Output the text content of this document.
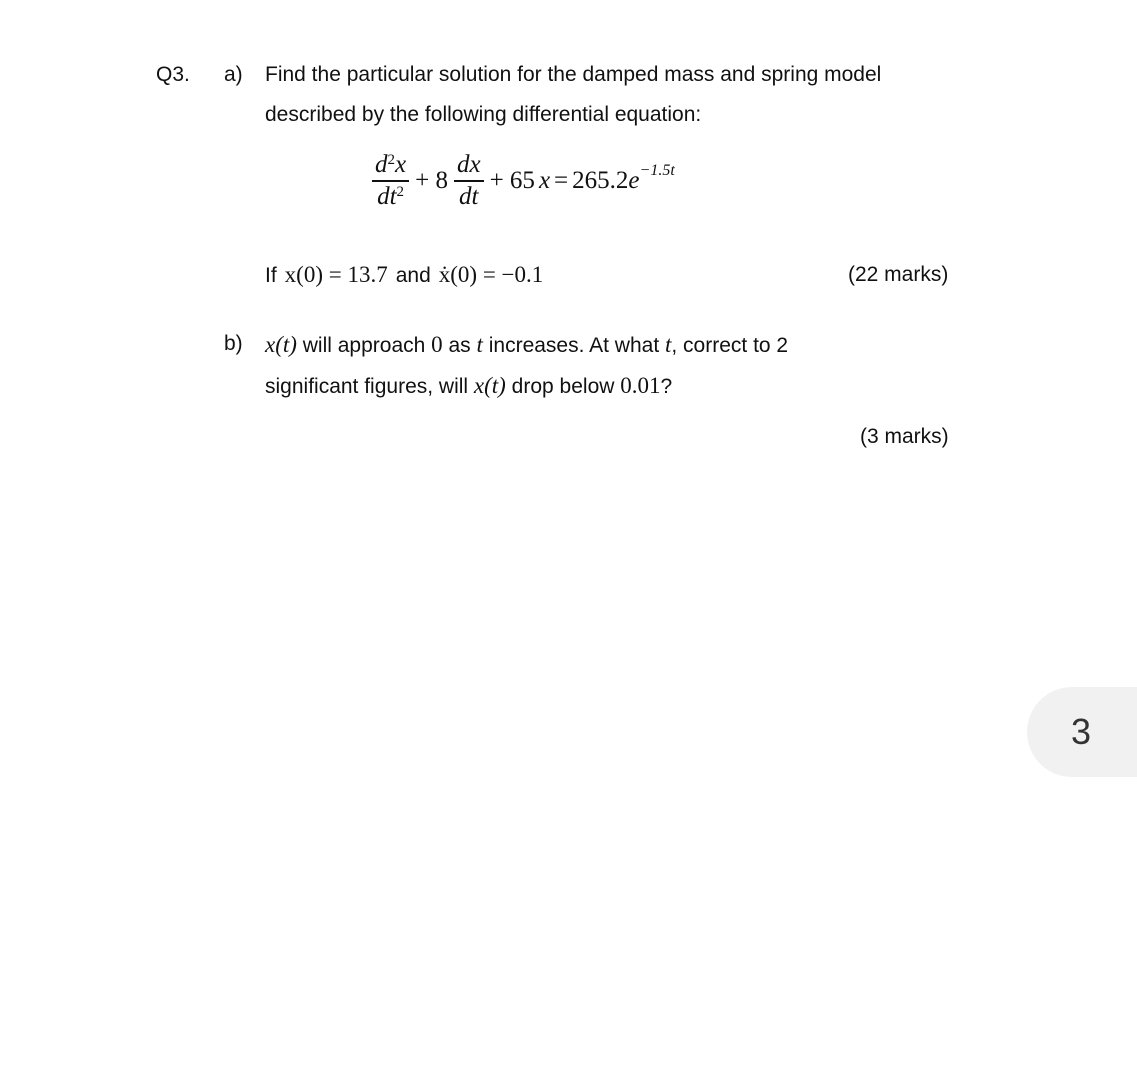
Q3. a) Find the particular solution for the damped mass and spring model
described by the following differential equation:
$\frac{d^2x}{dt^2} + 8 \frac{dx}{dt} + 65$ x = 265.2 $e^{-1.5t}$
If x(0) = 13.7 and ẋ(0) = −0.1	(22 marks)
b) x(t) will approach 0 as t increases. At what t , correct to 2
significant figures, will x(t) drop below 0.01 ?
(3 marks)
3
